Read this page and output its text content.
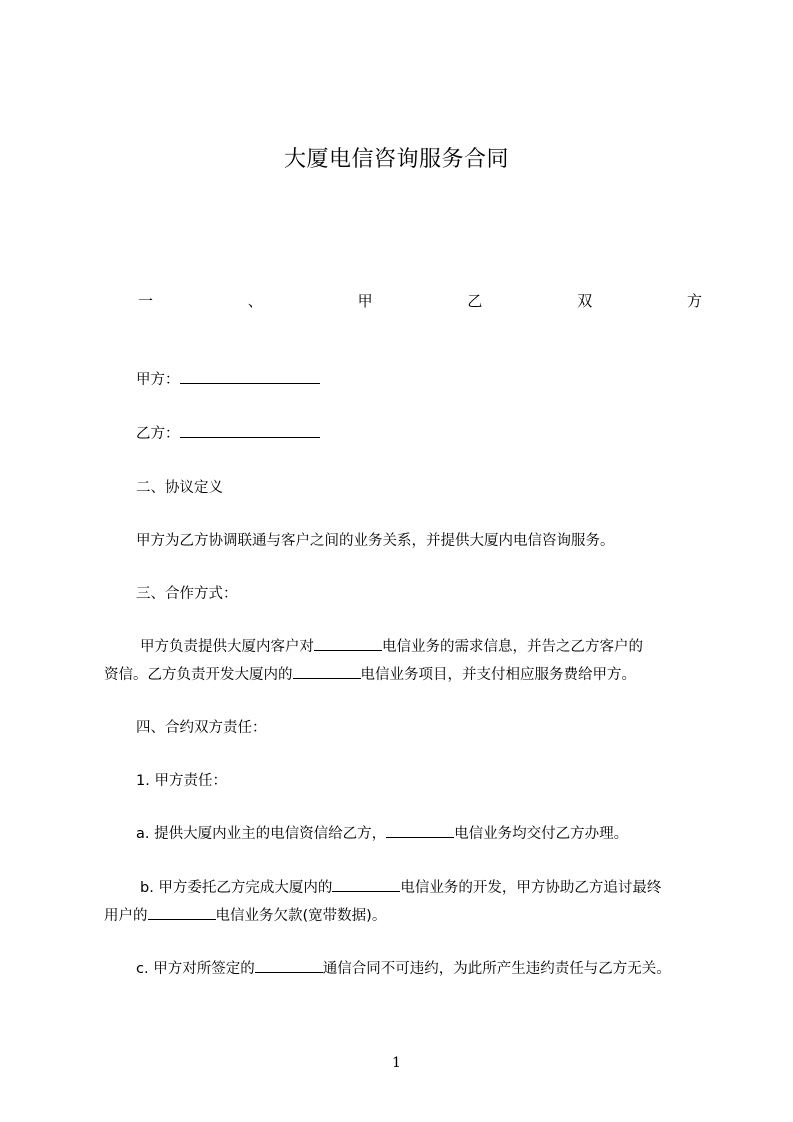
大厦电信咨询服务合同
一	、	甲	乙	双	方
甲方：
乙方：
二、协议定义
甲方为乙方协调联通与客户之间的业务关系，并提供大厦内电信咨询服务。
三、合作方式：
甲方负责提供大厦内客户对	电信业务的需求信息，并告之乙方客户的
资信。乙方负责开发大厦内的	电信业务项目，并支付相应服务费给甲方。
四、合约双方责任：
1. 甲方责任：
a. 提供大厦内业主的电信资信给乙方，	电信业务均交付乙方办理。
b. 甲方委托乙方完成大厦内的	电信业务的开发，甲方协助乙方追讨最终
用户的	电信业务欠款(宽带数据)。
c. 甲方对所签定的	通信合同不可违约，为此所产生违约责任与乙方无关。
1
